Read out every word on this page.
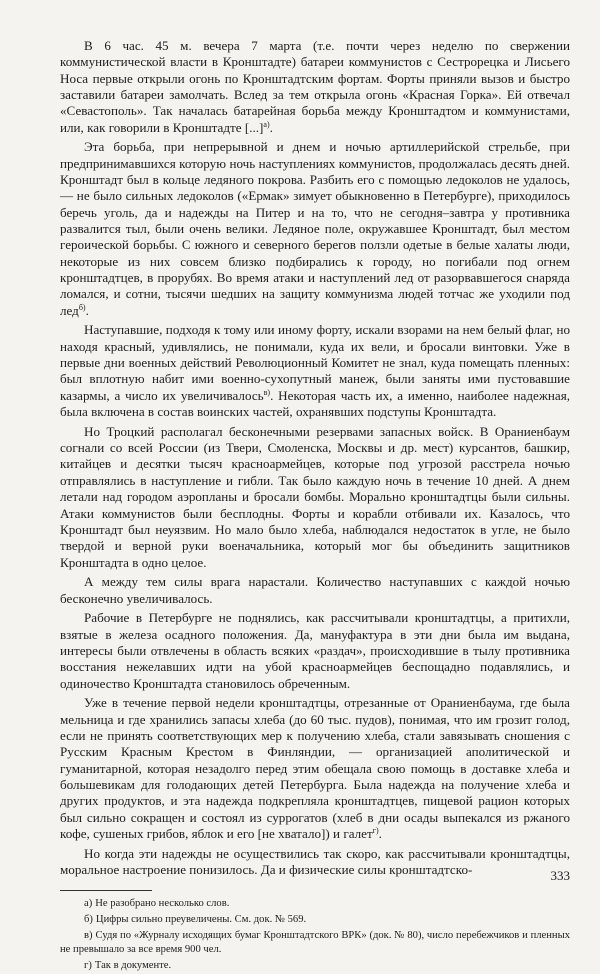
В 6 час. 45 м. вечера 7 марта (т.е. почти через неделю по свержении коммунистической власти в Кронштадте) батареи коммунистов с Сестрорецка и Лисьего Носа первые открыли огонь по Кронштадтским фортам. Форты приняли вызов и быстро заставили батареи замолчать. Вслед за тем открыла огонь «Красная Горка». Ей отвечал «Севастополь». Так началась батарейная борьба между Кронштадтом и коммунистами, или, как говорили в Кронштадте [...]$^{а)}$.

Эта борьба, при непрерывной и днем и ночью артиллерийской стрельбе, при предпринимавшихся которую ночь наступлениях коммунистов, продолжалась десять дней. Кронштадт был в кольце ледяного покрова. Разбить его с помощью ледоколов не удалось, — не было сильных ледоколов («Ермак» зимует обыкновенно в Петербурге), приходилось беречь уголь, да и надежды на Питер и на то, что не сегодня–завтра у противника развалится тыл, были очень велики. Ледяное поле, окружавшее Кронштадт, был местом героической борьбы. С южного и северного берегов ползли одетые в белые халаты люди, некоторые из них совсем близко подбирались к городу, но погибали под огнем кронштадтцев, в прорубях. Во время атаки и наступлений лед от разорвавшегося снаряда ломался, и сотни, тысячи шедших на защиту коммунизма людей тотчас же уходили под лед$^{б)}$.

Наступавшие, подходя к тому или иному форту, искали взорами на нем белый флаг, но находя красный, удивлялись, не понимали, куда их вели, и бросали винтовки. Уже в первые дни военных действий Революционный Комитет не знал, куда помещать пленных: был вплотную набит ими военно-сухопутный манеж, были заняты ими пустовавшие казармы, а число их увеличивалось$^{в)}$. Некоторая часть их, а именно, наиболее надежная, была включена в состав воинских частей, охранявших подступы Кронштадта.

Но Троцкий располагал бесконечными резервами запасных войск. В Ораниенбаум согнали со всей России (из Твери, Смоленска, Москвы и др. мест) курсантов, башкир, китайцев и десятки тысяч красноармейцев, которые под угрозой расстрела ночью отправлялись в наступление и гибли. Так было каждую ночь в течение 10 дней. А днем летали над городом аэропланы и бросали бомбы. Морально кронштадтцы были сильны. Атаки коммунистов были бесплодны. Форты и корабли отбивали их. Казалось, что Кронштадт был неуязвим. Но мало было хлеба, наблюдался недостаток в угле, не было твердой и верной руки военачальника, который мог бы объединить защитников Кронштадта в одно целое.

А между тем силы врага нарастали. Количество наступавших с каждой ночью бесконечно увеличивалось.

Рабочие в Петербурге не поднялись, как рассчитывали кронштадтцы, а притихли, взятые в железа осадного положения. Да, мануфактура в эти дни была им выдана, интересы были отвлечены в область всяких «раздач», происходившие в тылу противника восстания нежелавших идти на убой красноармейцев беспощадно подавлялись, и одиночество Кронштадта становилось обреченным.

Уже в течение первой недели кронштадтцы, отрезанные от Ораниенбаума, где была мельница и где хранились запасы хлеба (до 60 тыс. пудов), понимая, что им грозит голод, если не принять соответствующих мер к получению хлеба, стали завязывать сношения с Русским Красным Крестом в Финляндии, — организацией аполитической и гуманитарной, которая незадолго перед этим обещала свою помощь в доставке хлеба и большевикам для голодающих детей Петербурга. Была надежда на получение хлеба и других продуктов, и эта надежда подкрепляла кронштадтцев, пищевой рацион которых был сильно сокращен и состоял из суррогатов (хлеб в дни осады выпекался из ржаного кофе, сушеных грибов, яблок и его [не хватало]) и галет$^{г)}$.

Но когда эти надежды не осуществились так скоро, как рассчитывали кронштадтцы, моральное настроение понизилось. Да и физические силы кронштадтско-

а) Не разобрано несколько слов.
б) Цифры сильно преувеличены. См. док. № 569.
в) Судя по «Журналу исходящих бумаг Кронштадтского ВРК» (док. № 80), число перебежчиков и пленных не превышало за все время 900 чел.
г) Так в документе.
333
